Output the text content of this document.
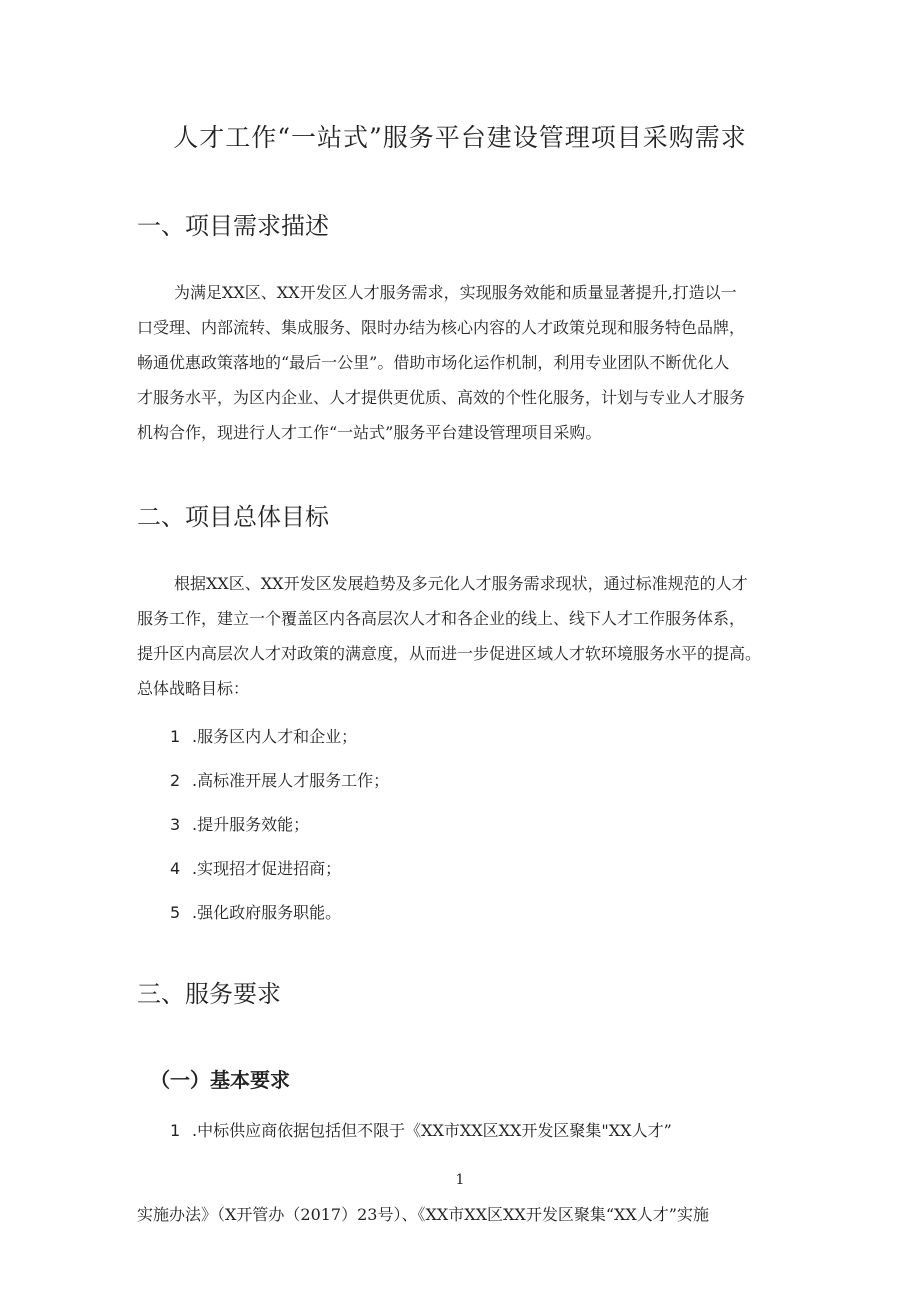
人才工作“一站式”服务平台建设管理项目采购需求
一、项目需求描述
为满足XX区、XX开发区人才服务需求，实现服务效能和质量显著提升,打造以一
口受理、内部流转、集成服务、限时办结为核心内容的人才政策兑现和服务特色品牌，
畅通优惠政策落地的“最后一公里”。借助市场化运作机制，利用专业团队不断优化人
才服务水平，为区内企业、人才提供更优质、高效的个性化服务，计划与专业人才服务
机构合作，现进行人才工作“一站式”服务平台建设管理项目采购。
二、项目总体目标
根据XX区、XX开发区发展趋势及多元化人才服务需求现状，通过标准规范的人才
服务工作，建立一个覆盖区内各高层次人才和各企业的线上、线下人才工作服务体系，
提升区内高层次人才对政策的满意度，从而进一步促进区域人才软环境服务水平的提高。
总体战略目标：

1 .服务区内人才和企业；

2 .高标准开展人才服务工作；

3 .提升服务效能；

4 .实现招才促进招商；

5 .强化政府服务职能。

三、服务要求
（一）基本要求

1 .中标供应商依据包括但不限于《XX市XX区XX开发区聚集"XX人才”

1
实施办法》（X开管办（2017）23号）、《XX市XX区XX开发区聚集“XX人才”实施
